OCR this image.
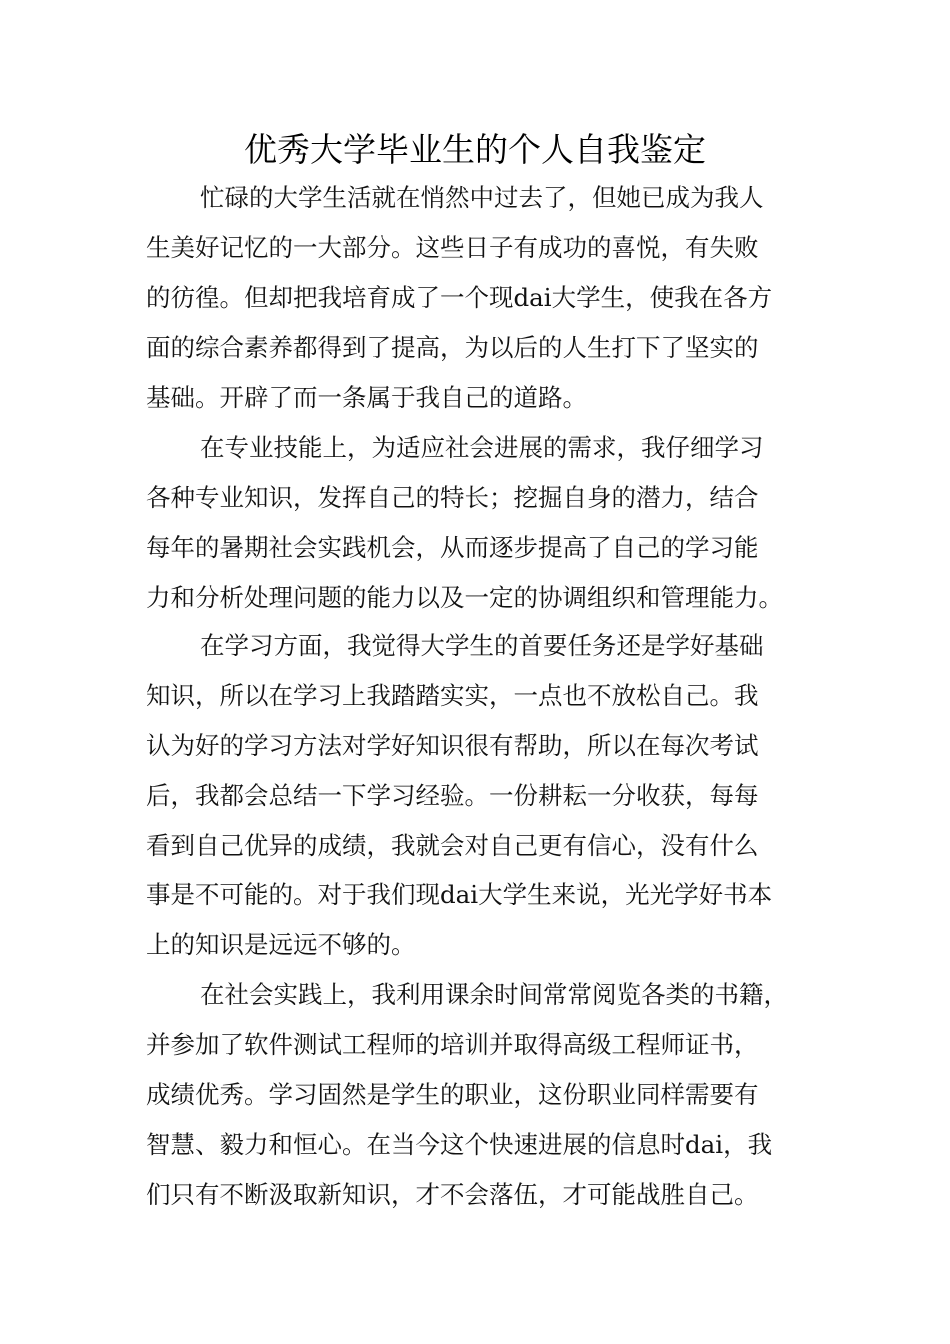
优秀大学毕业生的个人自我鉴定

忙碌的大学生活就在悄然中过去了，但她已成为我人

生美好记忆的一大部分。这些日子有成功的喜悦，有失败

的彷徨。但却把我培育成了一个现dai大学生，使我在各方

面的综合素养都得到了提高，为以后的人生打下了坚实的

基础。开辟了而一条属于我自己的道路。

在专业技能上，为适应社会进展的需求，我仔细学习

各种专业知识，发挥自己的特长；挖掘自身的潜力，结合

每年的暑期社会实践机会，从而逐步提高了自己的学习能

力和分析处理问题的能力以及一定的协调组织和管理能力。

在学习方面，我觉得大学生的首要任务还是学好基础

知识，所以在学习上我踏踏实实，一点也不放松自己。我

认为好的学习方法对学好知识很有帮助，所以在每次考试

后，我都会总结一下学习经验。一份耕耘一分收获，每每

看到自己优异的成绩，我就会对自己更有信心，没有什么

事是不可能的。对于我们现dai大学生来说，光光学好书本

上的知识是远远不够的。

在社会实践上，我利用课余时间常常阅览各类的书籍，

并参加了软件测试工程师的培训并取得高级工程师证书，

成绩优秀。学习固然是学生的职业，这份职业同样需要有

智慧、毅力和恒心。在当今这个快速进展的信息时dai，我

们只有不断汲取新知识，才不会落伍，才可能战胜自己。
